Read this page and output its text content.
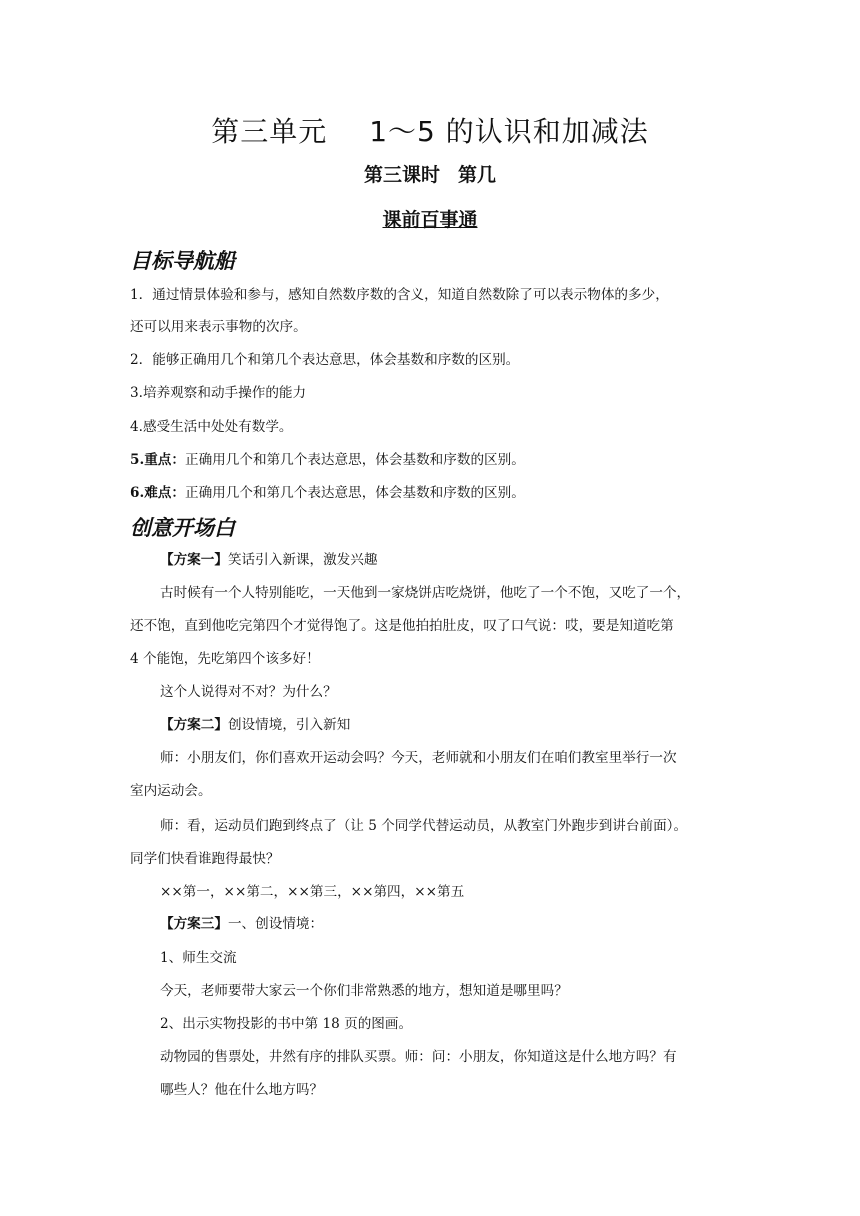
第三单元 1～5 的认识和加减法
第三课时 第几
课前百事通
目标导航船
1．通过情景体验和参与，感知自然数序数的含义，知道自然数除了可以表示物体的多少，
还可以用来表示事物的次序。
2．能够正确用几个和第几个表达意思，体会基数和序数的区别。
3.培养观察和动手操作的能力
4.感受生活中处处有数学。
5.重点：正确用几个和第几个表达意思，体会基数和序数的区别。
6.难点：正确用几个和第几个表达意思，体会基数和序数的区别。
创意开场白
【方案一】笑话引入新课，激发兴趣
古时候有一个人特别能吃，一天他到一家烧饼店吃烧饼，他吃了一个不饱，又吃了一个，
还不饱，直到他吃完第四个才觉得饱了。这是他拍拍肚皮，叹了口气说：哎，要是知道吃第
4 个能饱，先吃第四个该多好！
这个人说得对不对？为什么？
【方案二】创设情境，引入新知
师：小朋友们，你们喜欢开运动会吗？今天，老师就和小朋友们在咱们教室里举行一次
室内运动会。
师：看，运动员们跑到终点了（让 5 个同学代替运动员，从教室门外跑步到讲台前面）。
同学们快看谁跑得最快？
××第一，××第二，××第三，××第四，××第五
【方案三】一、创设情境：
1、师生交流
今天，老师要带大家云一个你们非常熟悉的地方，想知道是哪里吗？
2、出示实物投影的书中第 18 页的图画。
动物园的售票处，井然有序的排队买票。师：问：小朋友，你知道这是什么地方吗？有
哪些人？他在什么地方吗？
